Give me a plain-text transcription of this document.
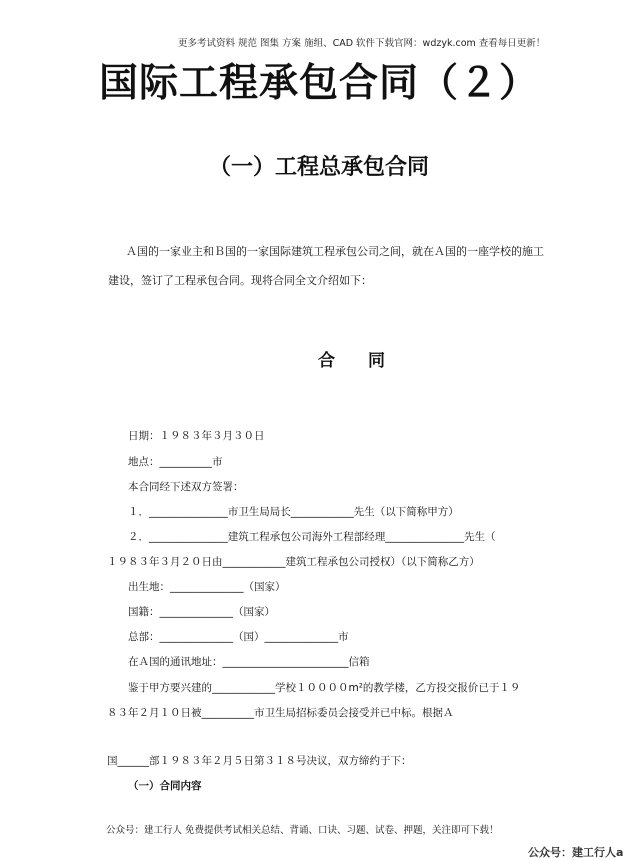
更多考试资料 规范 图集 方案 施组、CAD 软件下载官网：wdzyk.com 查看每日更新！
国际工程承包合同（２）
（一）工程总承包合同
Ａ国的一家业主和Ｂ国的一家国际建筑工程承包公司之间，就在Ａ国的一座学校的施工
建设，签订了工程承包合同。现将合同全文介绍如下：
合　同
日期：１９８３年３月３０日
地点：__________市
本合同经下述双方签署：
１．_______________市卫生局局长____________先生（以下简称甲方）
２．_______________建筑工程承包公司海外工程部经理_______________先生（
１９８３年３月２０日由____________建筑工程承包公司授权）（以下简称乙方）
出生地：______________（国家）
国籍：______________（国家）
总部：______________（国）______________市
在Ａ国的通讯地址：________________________信箱
鉴于甲方要兴建的____________学校１００００m²的教学楼，乙方投交报价已于１９
８３年２月１０日被__________市卫生局招标委员会接受并已中标。根据Ａ
国______部１９８３年２月５日第３１８号决议，双方缔约于下：
（一）合同内容
公众号：建工行人 免费提供考试相关总结、背诵、口诀、习题、试卷、押题，关注即可下载！
公众号：建工行人a
